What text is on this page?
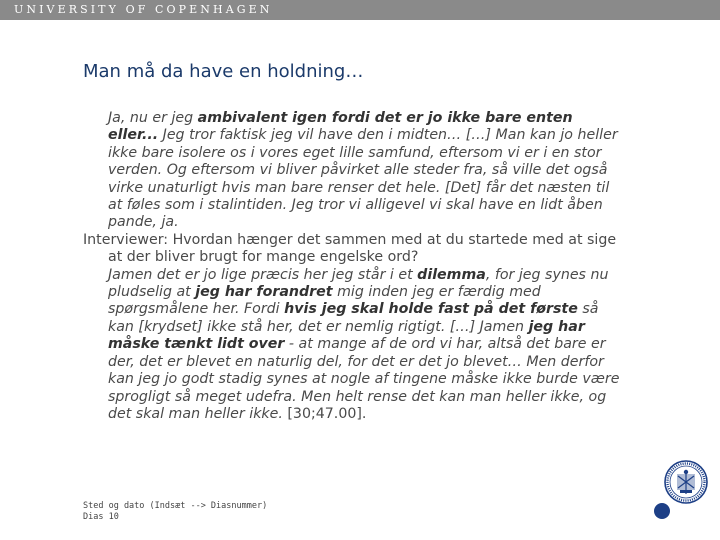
UNIVERSITY OF COPENHAGEN
Man må da have en holdning…

Ja, nu er jeg ambivalent igen fordi det er jo ikke bare enten eller... Jeg tror faktisk jeg vil have den i midten… […] Man kan jo heller ikke bare isolere os i vores eget lille samfund, eftersom vi er i en stor verden. Og eftersom vi bliver påvirket alle steder fra, så ville det også virke unaturligt hvis man bare renser det hele. [Det] får det næsten til at føles som i stalintiden. Jeg tror vi alligevel vi skal have en lidt åben pande, ja.

Interviewer: Hvordan hænger det sammen med at du startede med at sige at der bliver brugt for mange engelske ord?

Jamen det er jo lige præcis her jeg står i et dilemma, for jeg synes nu pludselig at jeg har forandret mig inden jeg er færdig med spørgsmålene her. Fordi hvis jeg skal holde fast på det første så kan [krydset] ikke stå her, det er nemlig rigtigt. […] Jamen jeg har måske tænkt lidt over - at mange af de ord vi har, altså det bare er der, det er blevet en naturlig del, for det er det jo blevet… Men derfor kan jeg jo godt stadig synes at nogle af tingene måske ikke burde være sprogligt så meget udefra. Men helt rense det kan man heller ikke, og det skal man heller ikke. [30;47.00].

Sted og dato (Indsæt --> Diasnummer)
Dias 10
